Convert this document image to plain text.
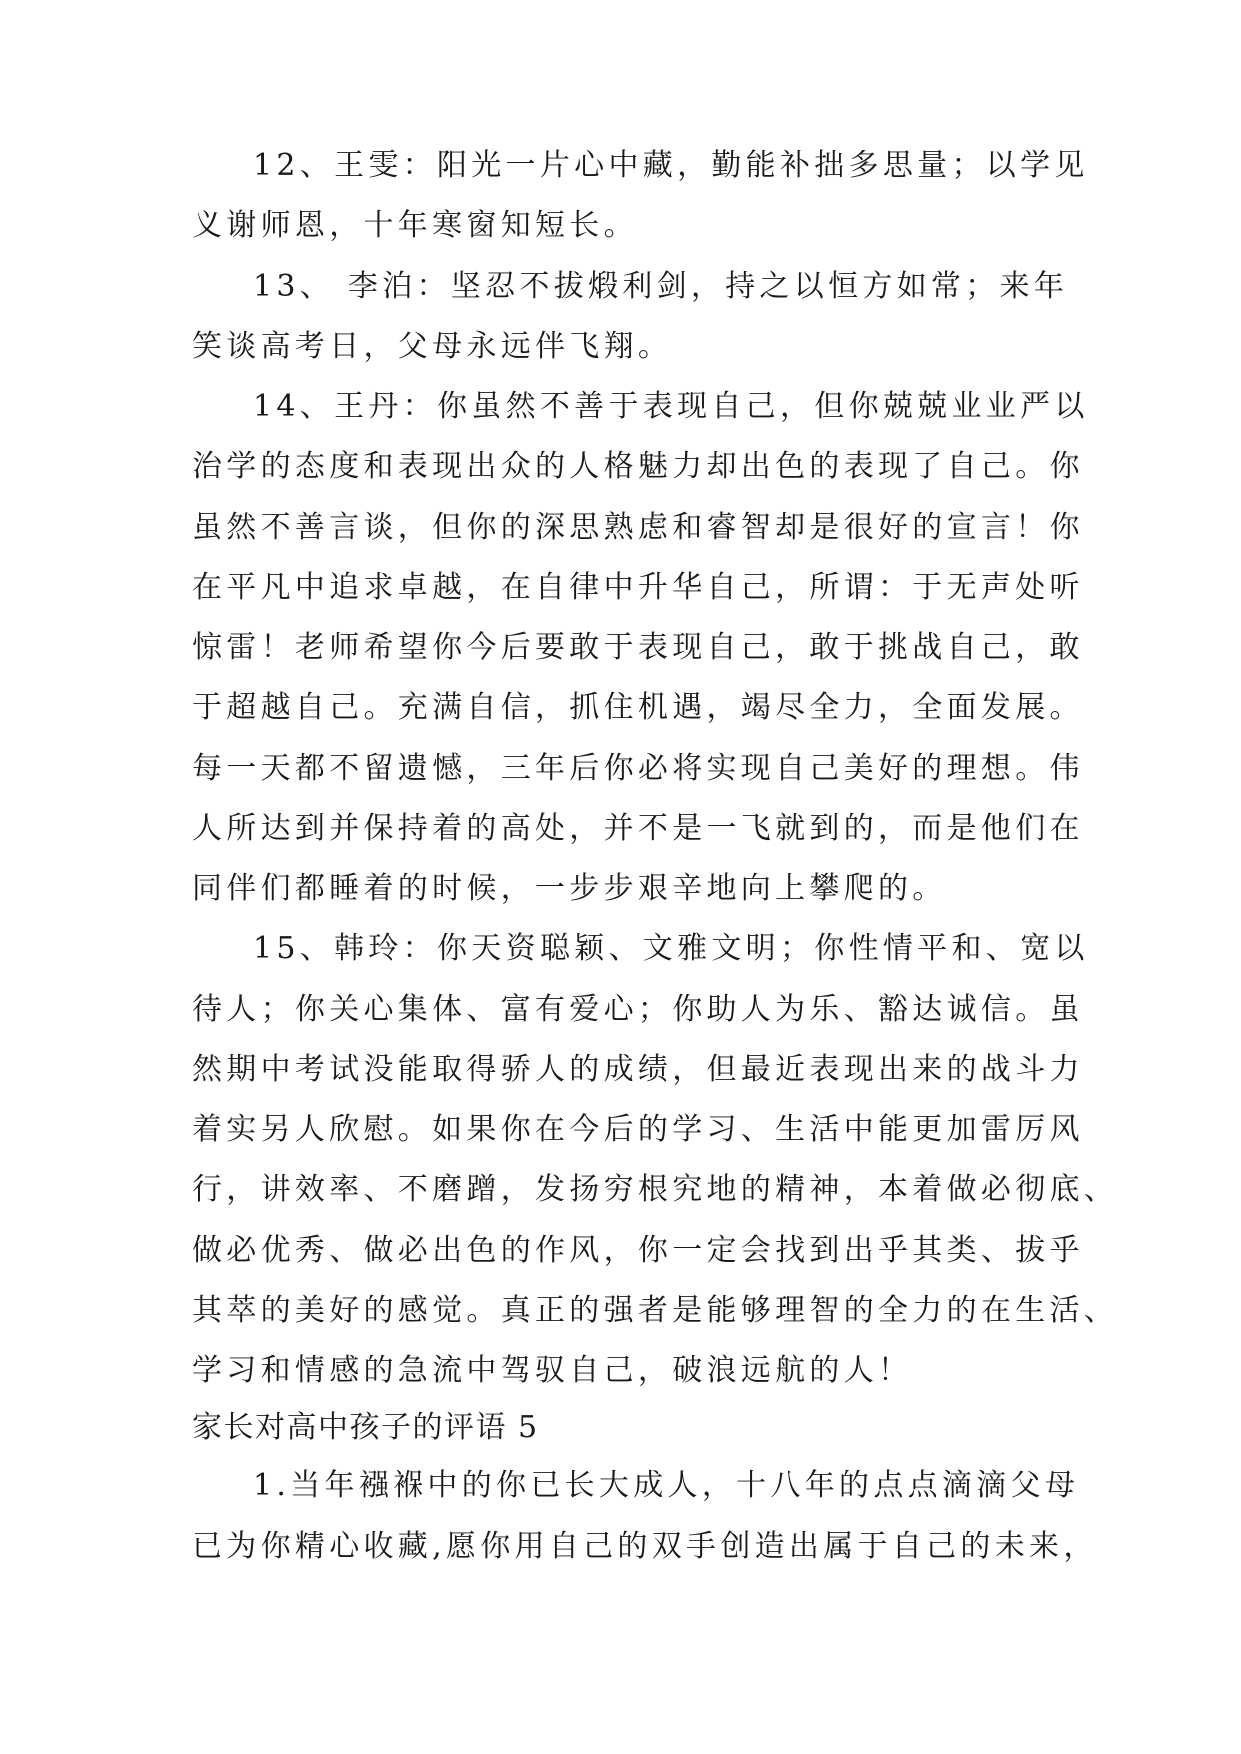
12、王雯：阳光一片心中藏，勤能补拙多思量；以学见
义谢师恩，十年寒窗知短长。
13、 李泊：坚忍不拔煅利剑，持之以恒方如常；来年
笑谈高考日，父母永远伴飞翔。
14、王丹：你虽然不善于表现自己，但你兢兢业业严以
治学的态度和表现出众的人格魅力却出色的表现了自己。你
虽然不善言谈，但你的深思熟虑和睿智却是很好的宣言！你
在平凡中追求卓越，在自律中升华自己，所谓：于无声处听
惊雷！老师希望你今后要敢于表现自己，敢于挑战自己，敢
于超越自己。充满自信，抓住机遇，竭尽全力，全面发展。
每一天都不留遗憾，三年后你必将实现自己美好的理想。伟
人所达到并保持着的高处，并不是一飞就到的，而是他们在
同伴们都睡着的时候，一步步艰辛地向上攀爬的。
15、韩玲：你天资聪颖、文雅文明；你性情平和、宽以
待人；你关心集体、富有爱心；你助人为乐、豁达诚信。虽
然期中考试没能取得骄人的成绩，但最近表现出来的战斗力
着实另人欣慰。如果你在今后的学习、生活中能更加雷厉风
行，讲效率、不磨蹭，发扬穷根究地的精神，本着做必彻底、
做必优秀、做必出色的作风，你一定会找到出乎其类、拔乎
其萃的美好的感觉。真正的强者是能够理智的全力的在生活、
学习和情感的急流中驾驭自己，破浪远航的人！
家长对高中孩子的评语 5
1.当年襁褓中的你已长大成人，十八年的点点滴滴父母
已为你精心收藏,愿你用自己的双手创造出属于自己的未来，
